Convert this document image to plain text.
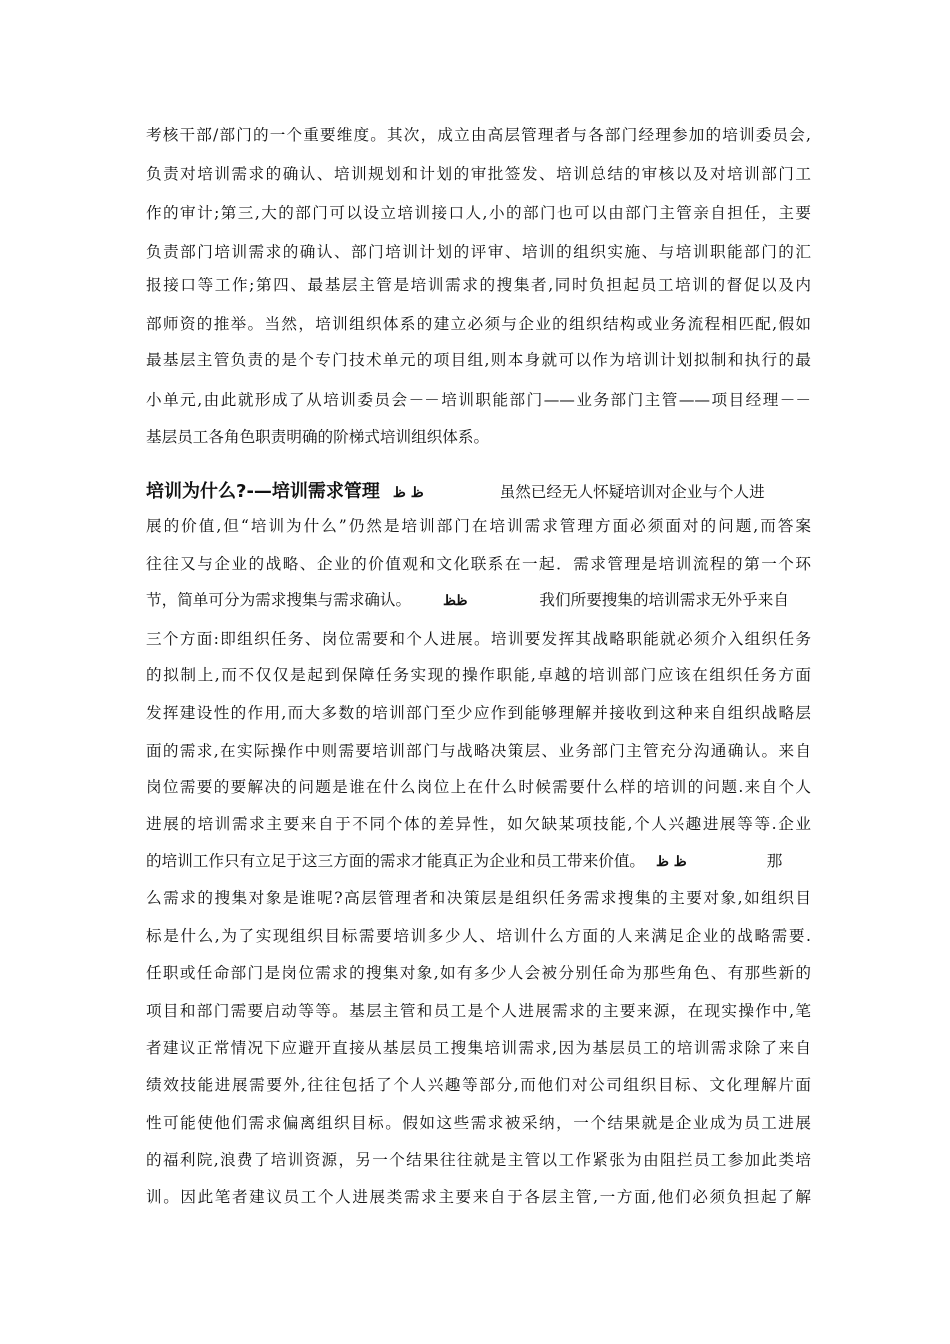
考核干部/部门的一个重要维度。其次，成立由高层管理者与各部门经理参加的培训委员会,
负责对培训需求的确认、培训规划和计划的审批签发、培训总结的审核以及对培训部门工
作的审计;第三,大的部门可以设立培训接口人,小的部门也可以由部门主管亲自担任，主要
负责部门培训需求的确认、部门培训计划的评审、培训的组织实施、与培训职能部门的汇
报接口等工作;第四、最基层主管是培训需求的搜集者,同时负担起员工培训的督促以及内
部师资的推举。当然，培训组织体系的建立必须与企业的组织结构或业务流程相匹配,假如
最基层主管负责的是个专门技术单元的项目组,则本身就可以作为培训计划拟制和执行的最
小单元,由此就形成了从培训委员会－－培训职能部门——业务部门主管——项目经理－－
基层员工各角色职责明确的阶梯式培训组织体系。
培训为什么?-—培训需求管理 ظ ظ	虽然已经无人怀疑培训对企业与个人进
展的价值,但“培训为什么”仍然是培训部门在培训需求管理方面必须面对的问题,而答案
往往又与企业的战略、企业的价值观和文化联系在一起．需求管理是培训流程的第一个环
节，简单可分为需求搜集与需求确认。 ظظ	我们所要搜集的培训需求无外乎来自
三个方面:即组织任务、岗位需要和个人进展。培训要发挥其战略职能就必须介入组织任务
的拟制上,而不仅仅是起到保障任务实现的操作职能,卓越的培训部门应该在组织任务方面
发挥建设性的作用,而大多数的培训部门至少应作到能够理解并接收到这种来自组织战略层
面的需求,在实际操作中则需要培训部门与战略决策层、业务部门主管充分沟通确认。来自
岗位需要的要解决的问题是谁在什么岗位上在什么时候需要什么样的培训的问题.来自个人
进展的培训需求主要来自于不同个体的差异性，如欠缺某项技能,个人兴趣进展等等.企业
的培训工作只有立足于这三方面的需求才能真正为企业和员工带来价值。 ظ ظ	那
么需求的搜集对象是谁呢?高层管理者和决策层是组织任务需求搜集的主要对象,如组织目
标是什么,为了实现组织目标需要培训多少人、培训什么方面的人来满足企业的战略需要.
任职或任命部门是岗位需求的搜集对象,如有多少人会被分别任命为那些角色、有那些新的
项目和部门需要启动等等。基层主管和员工是个人进展需求的主要来源，在现实操作中,笔
者建议正常情况下应避开直接从基层员工搜集培训需求,因为基层员工的培训需求除了来自
绩效技能进展需要外,往往包括了个人兴趣等部分,而他们对公司组织目标、文化理解片面
性可能使他们需求偏离组织目标。假如这些需求被采纳，一个结果就是企业成为员工进展
的福利院,浪费了培训资源，另一个结果往往就是主管以工作紧张为由阻拦员工参加此类培
训。因此笔者建议员工个人进展类需求主要来自于各层主管,一方面,他们必须负担起了解
